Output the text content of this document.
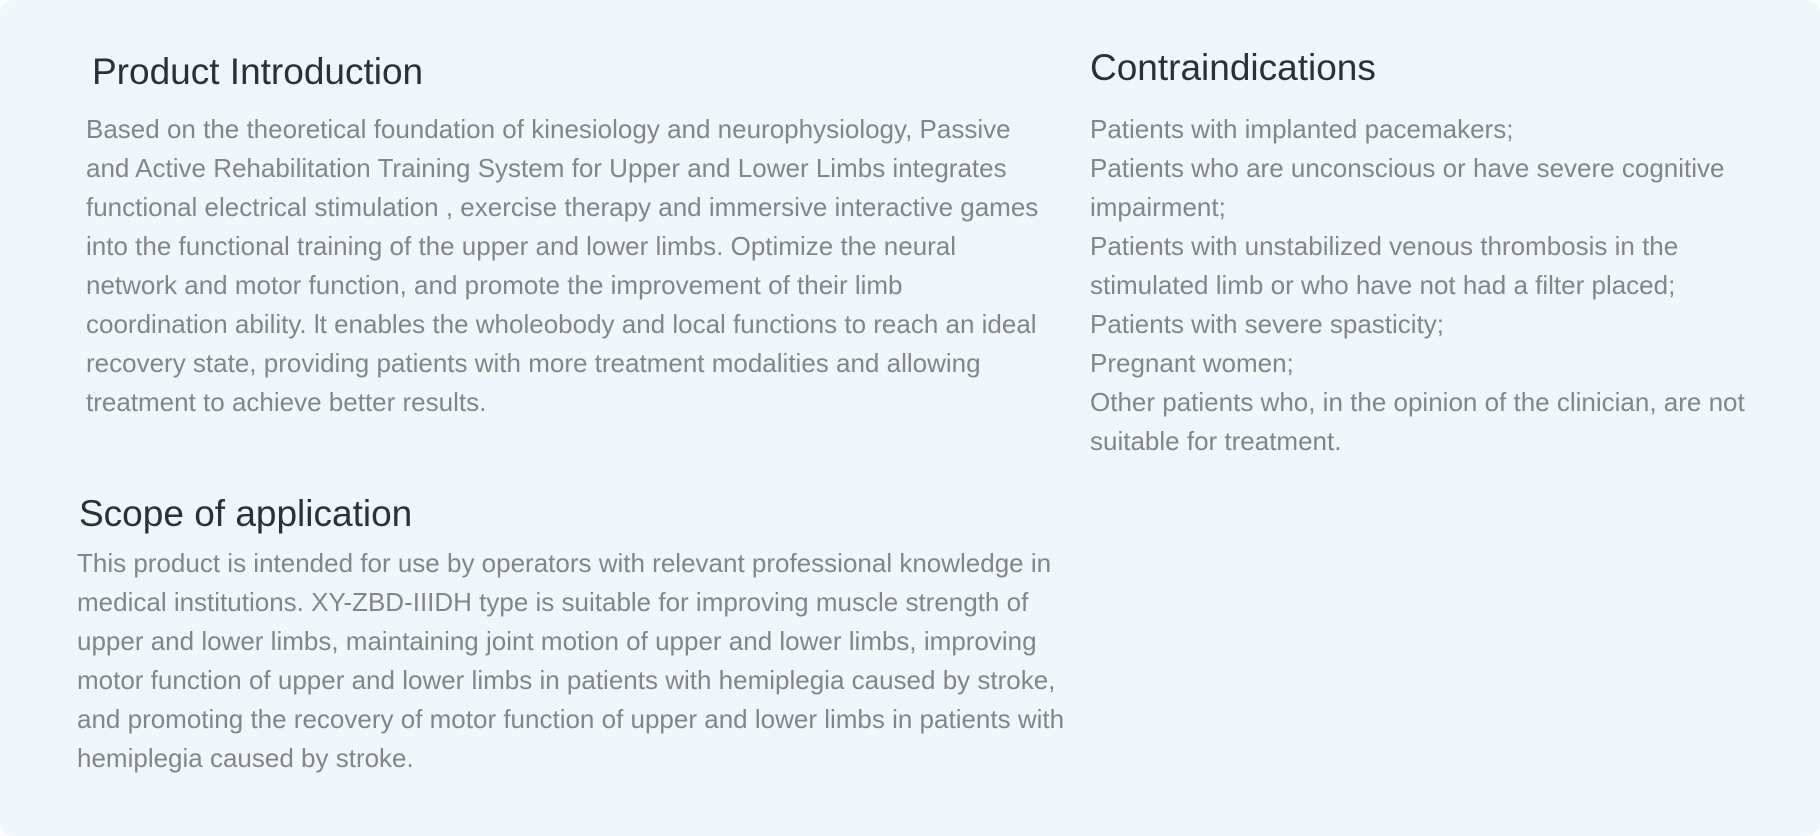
Product Introduction

Based on the theoretical foundation of kinesiology and neurophysiology, Passive and Active Rehabilitation Training System for Upper and Lower Limbs integrates functional electrical stimulation , exercise therapy and immersive interactive games into the functional training of the upper and lower limbs. Optimize the neural network and motor function, and promote the improvement of their limb coordination ability. lt enables the wholeobody and local functions to reach an ideal recovery state, providing patients with more treatment modalities and allowing treatment to achieve better results.

Scope of application

This product is intended for use by operators with relevant professional knowledge in medical institutions. XY-ZBD-IIIDH type is suitable for improving muscle strength of upper and lower limbs, maintaining joint motion of upper and lower limbs, improving motor function of upper and lower limbs in patients with hemiplegia caused by stroke, and promoting the recovery of motor function of upper and lower limbs in patients with hemiplegia caused by stroke.

Contraindications
Patients with implanted pacemakers;
Patients who are unconscious or have severe cognitive impairment;
Patients with unstabilized venous thrombosis in the stimulated limb or who have not had a filter placed;
Patients with severe spasticity;
Pregnant women;
Other patients who, in the opinion of the clinician, are not suitable for treatment.
